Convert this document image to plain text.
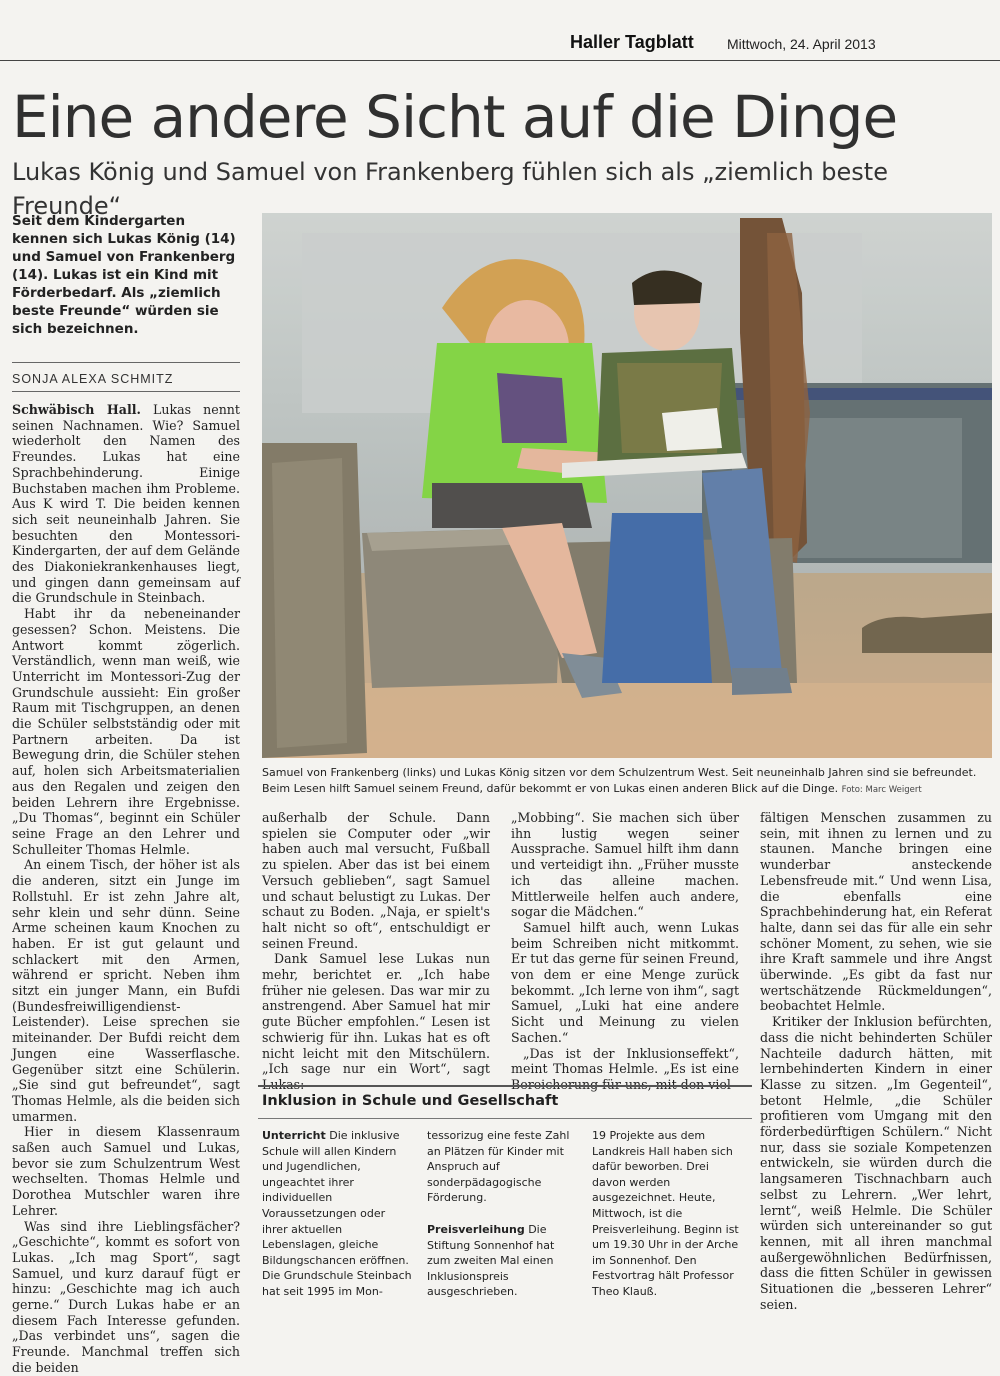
Haller Tagblatt Mittwoch, 24. April 2013
Eine andere Sicht auf die Dinge
Lukas König und Samuel von Frankenberg fühlen sich als „ziemlich beste Freunde“
Seit dem Kindergarten kennen sich Lukas König (14) und Samuel von Frankenberg (14). Lukas ist ein Kind mit Förderbedarf. Als „ziemlich beste Freunde“ würden sie sich bezeichnen.
SONJA ALEXA SCHMITZ

Schwäbisch Hall. Lukas nennt seinen Nachnamen. Wie? Samuel wiederholt den Namen des Freundes. Lukas hat eine Sprachbehinderung. Einige Buchstaben machen ihm Probleme. Aus K wird T. Die beiden kennen sich seit neuneinhalb Jahren. Sie besuchten den Montessori-Kindergarten, der auf dem Gelände des Diakoniekrankenhauses liegt, und gingen dann gemeinsam auf die Grundschule in Steinbach.

Habt ihr da nebeneinander gesessen? Schon. Meistens. Die Antwort kommt zögerlich. Verständlich, wenn man weiß, wie Unterricht im Montessori-Zug der Grundschule aussieht: Ein großer Raum mit Tischgruppen, an denen die Schüler selbstständig oder mit Partnern arbeiten. Da ist Bewegung drin, die Schüler stehen auf, holen sich Arbeitsmaterialien aus den Regalen und zeigen den beiden Lehrern ihre Ergebnisse. „Du Thomas“, beginnt ein Schüler seine Frage an den Lehrer und Schulleiter Thomas Helmle.

An einem Tisch, der höher ist als die anderen, sitzt ein Junge im Rollstuhl. Er ist zehn Jahre alt, sehr klein und sehr dünn. Seine Arme scheinen kaum Knochen zu haben. Er ist gut gelaunt und schlackert mit den Armen, während er spricht. Neben ihm sitzt ein junger Mann, ein Bufdi (Bundesfreiwilligendienst-Leistender). Leise sprechen sie miteinander. Der Bufdi reicht dem Jungen eine Wasserflasche. Gegenüber sitzt eine Schülerin. „Sie sind gut befreundet“, sagt Thomas Helmle, als die beiden sich umarmen.

Hier in diesem Klassenraum saßen auch Samuel und Lukas, bevor sie zum Schulzentrum West wechselten. Thomas Helmle und Dorothea Mutschler waren ihre Lehrer.

Was sind ihre Lieblingsfächer? „Geschichte“, kommt es sofort von Lukas. „Ich mag Sport“, sagt Samuel, und kurz darauf fügt er hinzu: „Geschichte mag ich auch gerne.“ Durch Lukas habe er an diesem Fach Interesse gefunden. „Das verbindet uns“, sagen die Freunde. Manchmal treffen sich die beiden

Samuel von Frankenberg (links) und Lukas König sitzen vor dem Schulzentrum West. Seit neuneinhalb Jahren sind sie befreundet. Beim Lesen hilft Samuel seinem Freund, dafür bekommt er von Lukas einen anderen Blick auf die Dinge. Foto: Marc Weigert

außerhalb der Schule. Dann spielen sie Computer oder „wir haben auch mal versucht, Fußball zu spielen. Aber das ist bei einem Versuch geblieben“, sagt Samuel und schaut belustigt zu Lukas. Der schaut zu Boden. „Naja, er spielt's halt nicht so oft“, entschuldigt er seinen Freund.

Dank Samuel lese Lukas nun mehr, berichtet er. „Ich habe früher nie gelesen. Das war mir zu anstrengend. Aber Samuel hat mir gute Bücher empfohlen.“ Lesen ist schwierig für ihn. Lukas hat es oft nicht leicht mit den Mitschülern. „Ich sage nur ein Wort“, sagt Lukas:

„Mobbing“. Sie machen sich über ihn lustig wegen seiner Aussprache. Samuel hilft ihm dann und verteidigt ihn. „Früher musste ich das alleine machen. Mittlerweile helfen auch andere, sogar die Mädchen.“

Samuel hilft auch, wenn Lukas beim Schreiben nicht mitkommt. Er tut das gerne für seinen Freund, von dem er eine Menge zurück bekommt. „Ich lerne von ihm“, sagt Samuel, „Luki hat eine andere Sicht und Meinung zu vielen Sachen.“

„Das ist der Inklusionseffekt“, meint Thomas Helmle. „Es ist eine Bereicherung für uns, mit den viel-

fältigen Menschen zusammen zu sein, mit ihnen zu lernen und zu staunen. Manche bringen eine wunderbar ansteckende Lebensfreude mit.“ Und wenn Lisa, die ebenfalls eine Sprachbehinderung hat, ein Referat halte, dann sei das für alle ein sehr schöner Moment, zu sehen, wie sie ihre Kraft sammele und ihre Angst überwinde. „Es gibt da fast nur wertschätzende Rückmeldungen“, beobachtet Helmle.

Kritiker der Inklusion befürchten, dass die nicht behinderten Schüler Nachteile dadurch hätten, mit lernbehinderten Kindern in einer Klasse zu sitzen. „Im Gegenteil“, betont Helmle, „die Schüler profitieren vom Umgang mit den förderbedürftigen Schülern.“ Nicht nur, dass sie soziale Kompetenzen entwickeln, sie würden durch die langsameren Tischnachbarn auch selbst zu Lehrern. „Wer lehrt, lernt“, weiß Helmle. Die Schüler würden sich untereinander so gut kennen, mit all ihren manchmal außergewöhnlichen Bedürfnissen, dass die fitten Schüler in gewissen Situationen die „besseren Lehrer“ seien.

Inklusion in Schule und Gesellschaft

Unterricht Die inklusive Schule will allen Kindern und Jugendlichen, ungeachtet ihrer individuellen Voraussetzungen oder ihrer aktuellen Lebenslagen, gleiche Bildungschancen eröffnen. Die Grundschule Steinbach hat seit 1995 im Mon-

tessorizug eine feste Zahl an Plätzen für Kinder mit Anspruch auf sonderpädagogische Förderung.

Preisverleihung Die Stiftung Sonnenhof hat zum zweiten Mal einen Inklusionspreis ausgeschrieben.

19 Projekte aus dem Landkreis Hall haben sich dafür beworben. Drei davon werden ausgezeichnet. Heute, Mittwoch, ist die Preisverleihung. Beginn ist um 19.30 Uhr in der Arche im Sonnenhof. Den Festvortrag hält Professor Theo Klauß.
